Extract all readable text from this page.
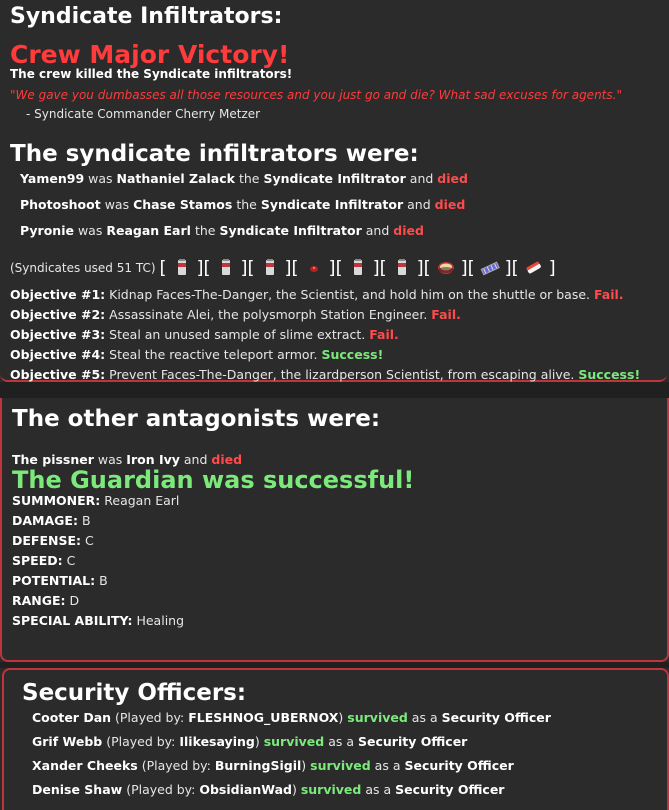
Syndicate Infiltrators:
Crew Major Victory!
The crew killed the Syndicate infiltrators!
"We gave you dumbasses all those resources and you just go and die? What sad excuses for agents."
- Syndicate Commander Cherry Metzer
The syndicate infiltrators were:
Yamen99 was Nathaniel Zalack the Syndicate Infiltrator and died
Photoshoot was Chase Stamos the Syndicate Infiltrator and died
Pyronie was Reagan Earl the Syndicate Infiltrator and died
(Syndicates used 51 TC) [ ][ ][ ][ ][ ][ ][ ][ ][ ]
Objective #1: Kidnap Faces-The-Danger, the Scientist, and hold him on the shuttle or base. Fail.
Objective #2: Assassinate Alei, the polysmorph Station Engineer. Fail.
Objective #3: Steal an unused sample of slime extract. Fail.
Objective #4: Steal the reactive teleport armor. Success!
Objective #5: Prevent Faces-The-Danger, the lizardperson Scientist, from escaping alive. Success!
The other antagonists were:
The pissner was Iron Ivy and died
The Guardian was successful!
SUMMONER: Reagan Earl
DAMAGE: B
DEFENSE: C
SPEED: C
POTENTIAL: B
RANGE: D
SPECIAL ABILITY: Healing
Security Officers:
Cooter Dan (Played by: FLESHNOG_UBERNOX) survived as a Security Officer
Grif Webb (Played by: Ilikesaying) survived as a Security Officer
Xander Cheeks (Played by: BurningSigil) survived as a Security Officer
Denise Shaw (Played by: ObsidianWad) survived as a Security Officer
